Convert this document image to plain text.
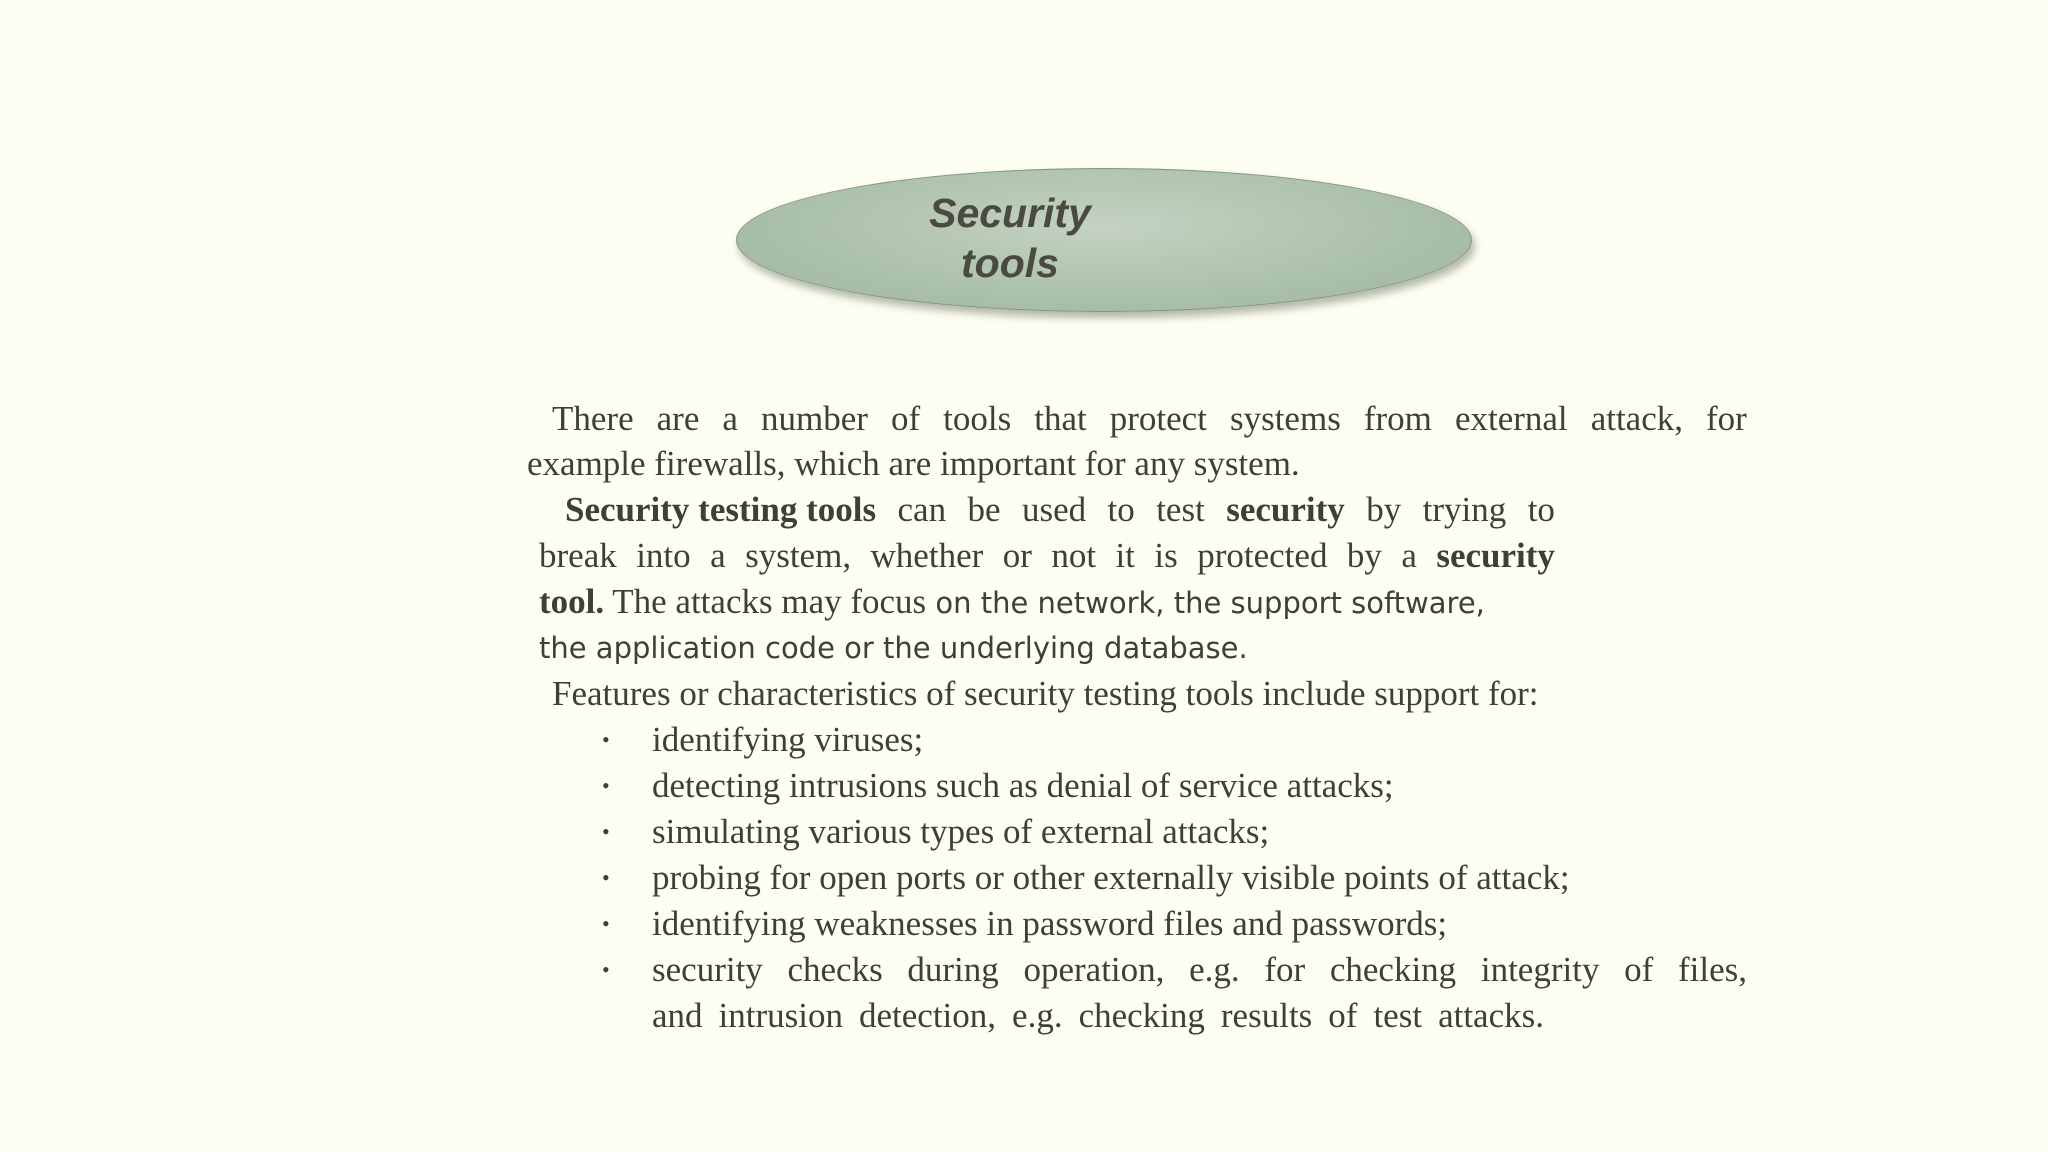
Security
tools
There are a number of tools that protect systems from external attack, for
example firewalls, which are important for any system.
Security testing tools can be used to test security by trying to
break into a system, whether or not it is protected by a security
tool. The attacks may focus on the network, the support software,
the application code or the underlying database.
Features or characteristics of security testing tools include support for:
• identifying viruses;
• detecting intrusions such as denial of service attacks;
• simulating various types of external attacks;
• probing for open ports or other externally visible points of attack;
• identifying weaknesses in password files and passwords;
• security checks during operation, e.g. for checking integrity of files,
and intrusion detection, e.g. checking results of test attacks.
